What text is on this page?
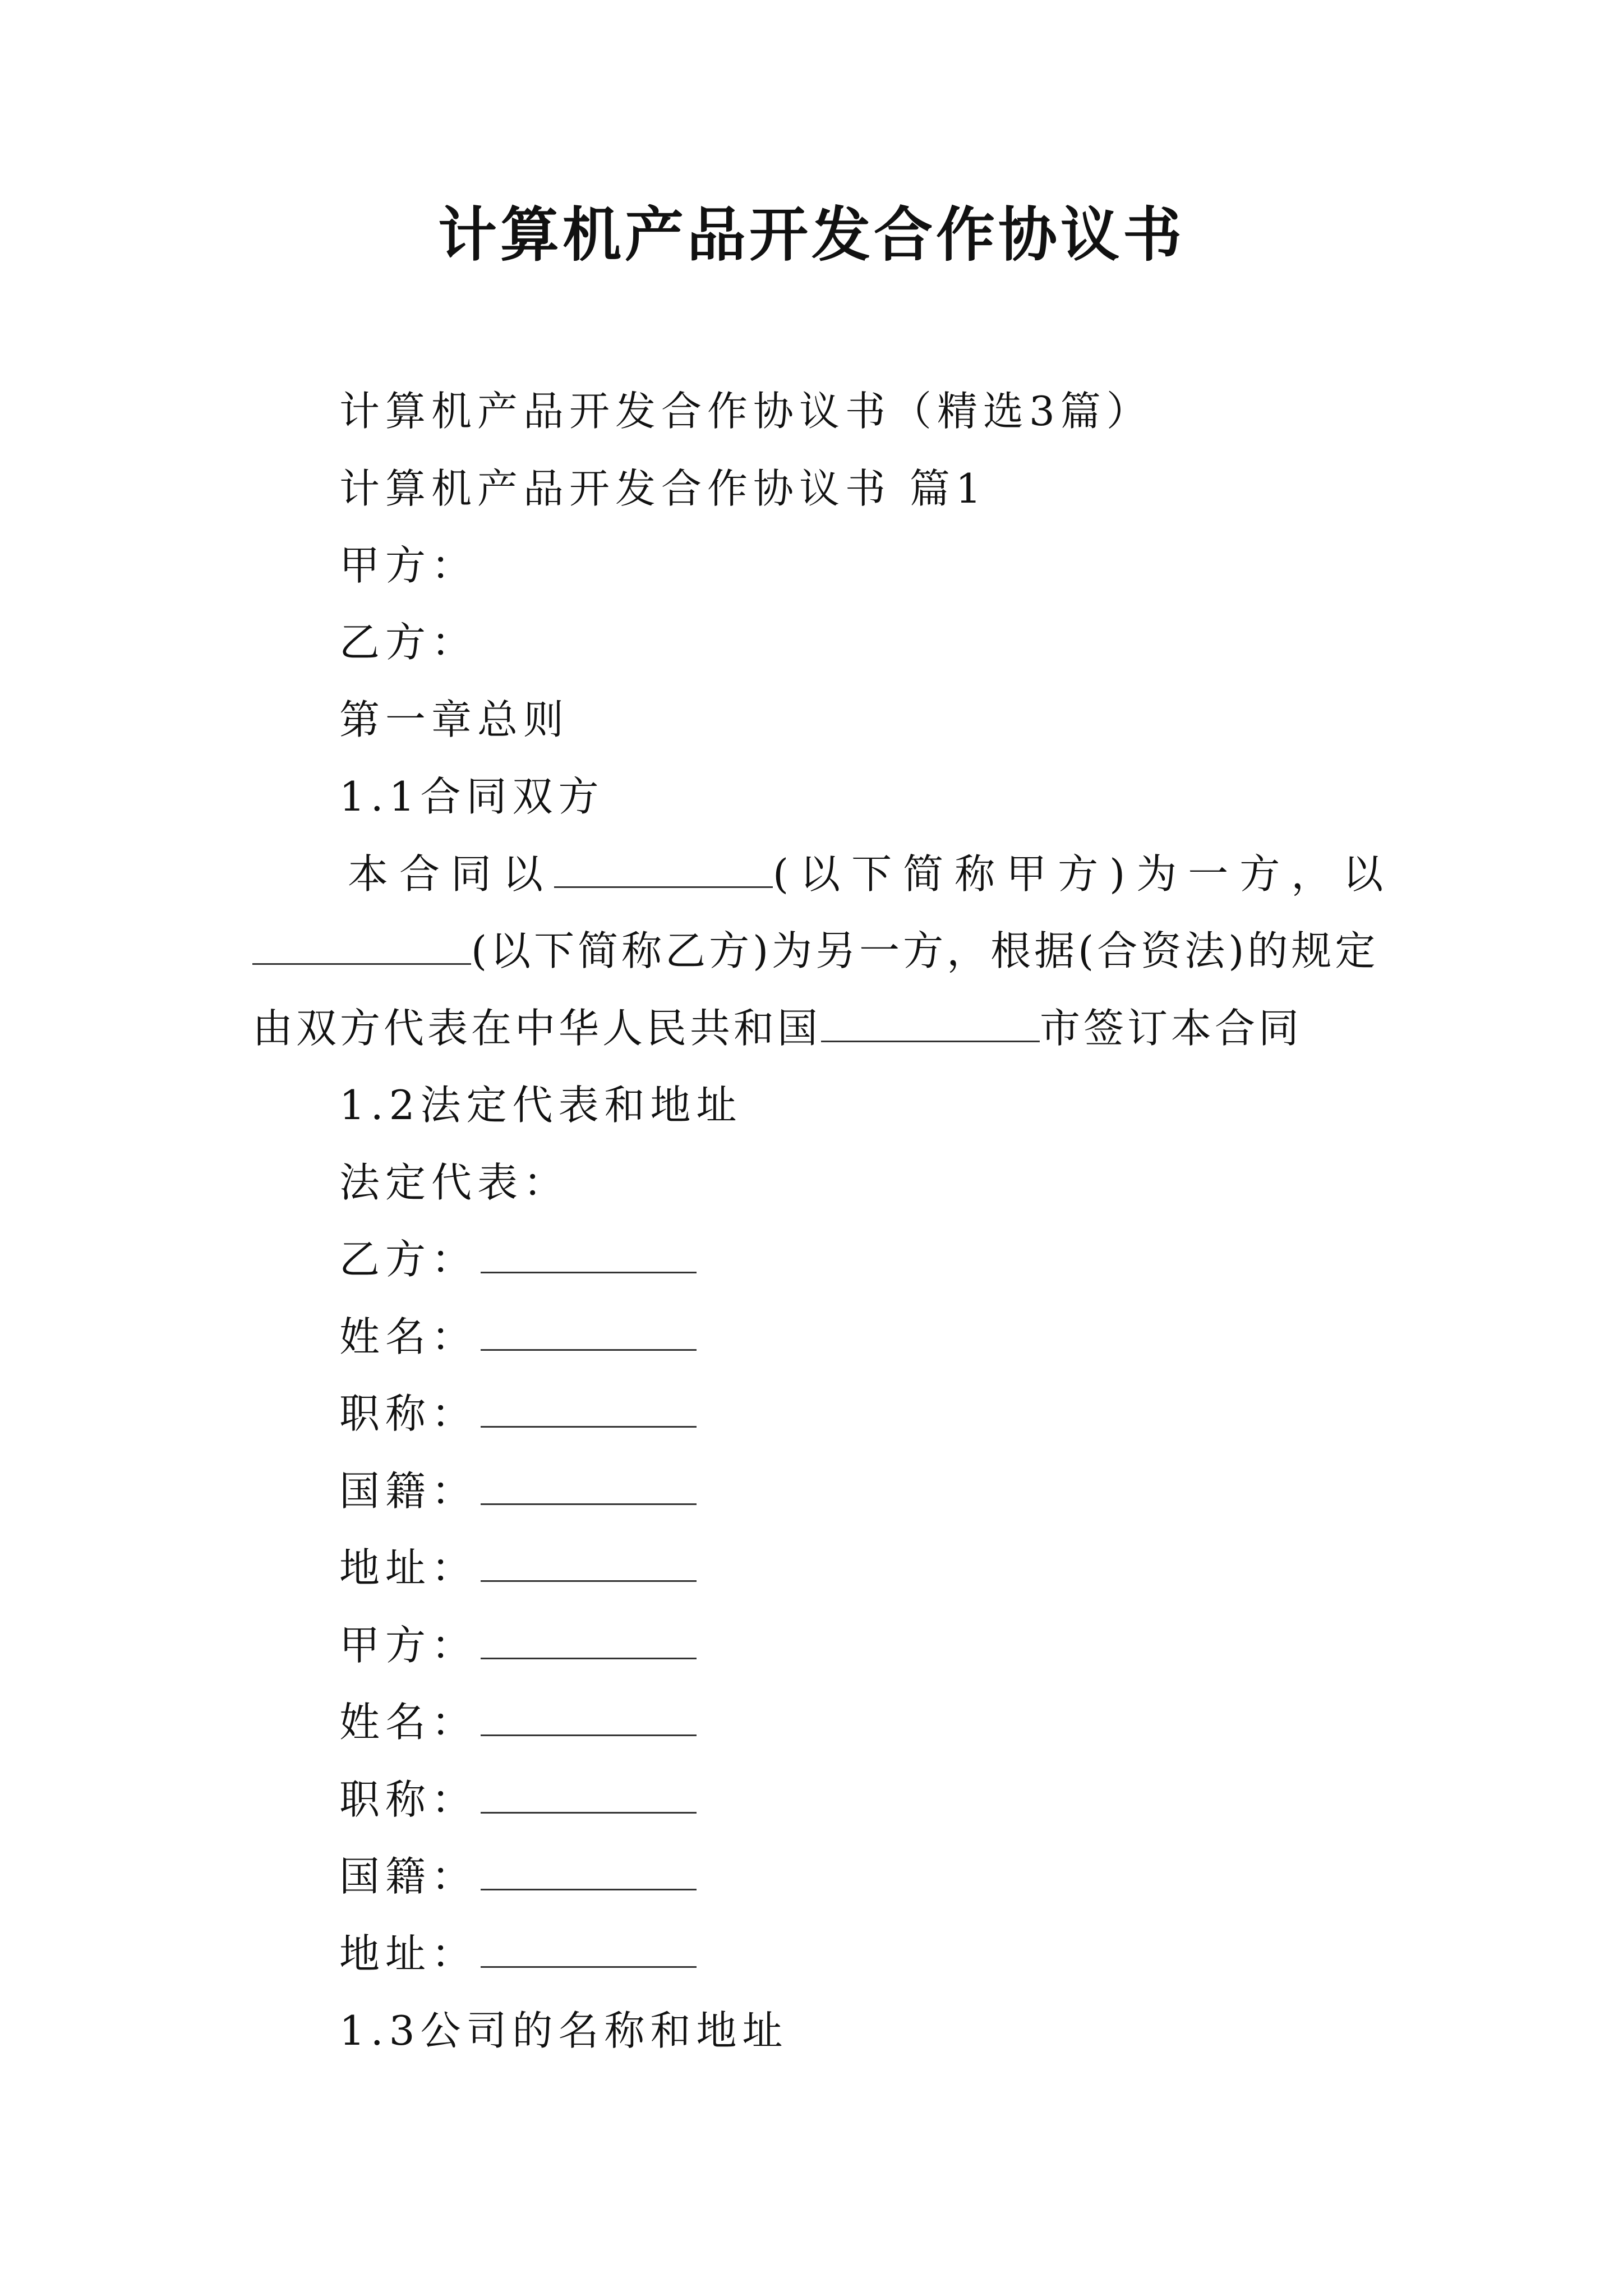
计算机产品开发合作协议书
计算机产品开发合作协议书（精选3篇）
计算机产品开发合作协议书 篇1
甲方：
乙方：
第一章总则
1.1合同双方
本合同以	(以下简称甲方)为一方，以
(以下简称乙方)为另一方，根据(合资法)的规定
由双方代表在中华人民共和国	市签订本合同
1.2法定代表和地址
法定代表：
乙方：
姓名：
职称：
国籍：
地址：
甲方：
姓名：
职称：
国籍：
地址：
1.3公司的名称和地址
